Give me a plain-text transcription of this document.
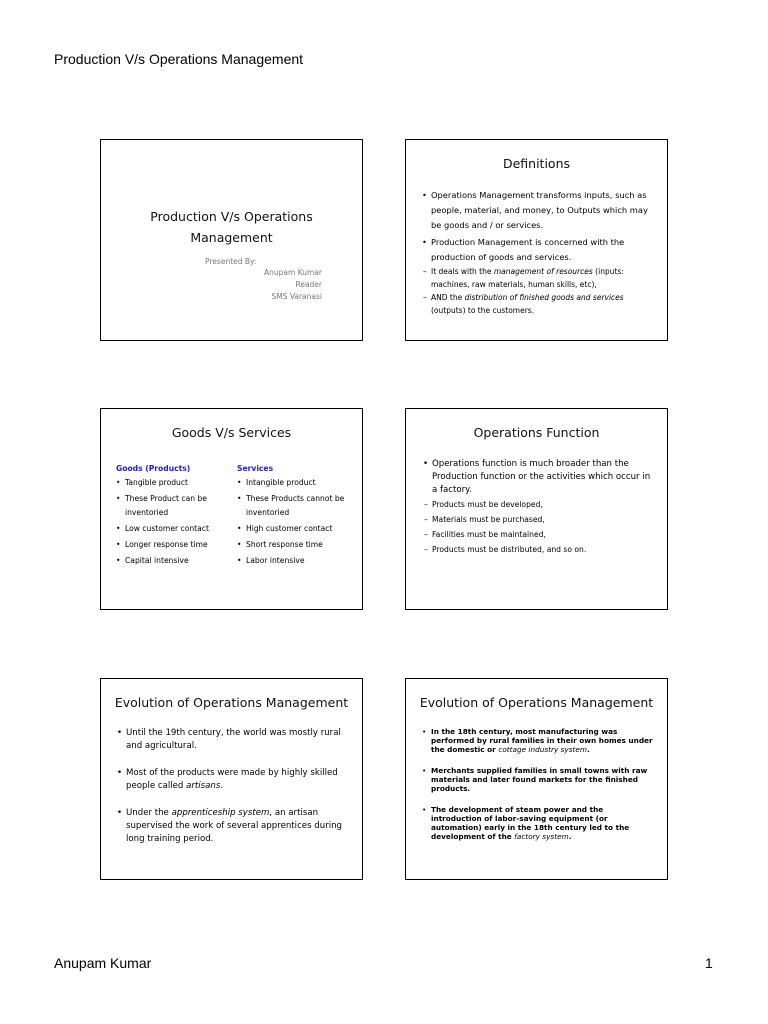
Production V/s Operations Management
Production V/s Operations
Management
Presented By:
Anupam Kumar
Reader
SMS Varanasi
Definitions
• Operations Management transforms inputs, such as people, material, and money, to Outputs which may be goods and / or services.
• Production Management is concerned with the production of goods and services.
– It deals with the management of resources (inputs: machines, raw materials, human skills, etc),
– AND the distribution of finished goods and services (outputs) to the customers.
Goods V/s Services
Goods (Products)
• Tangible product
• These Product can be inventoried
• Low customer contact
• Longer response time
• Capital intensive
Services
• Intangible product
• These Products cannot be inventoried
• High customer contact
• Short response time
• Labor intensive
Operations Function
• Operations function is much broader than the Production function or the activities which occur in a factory.
– Products must be developed,
– Materials must be purchased,
– Facilities must be maintained,
– Products must be distributed, and so on.
Evolution of Operations Management
• Until the 19th century, the world was mostly rural and agricultural.
• Most of the products were made by highly skilled people called artisans.
• Under the apprenticeship system, an artisan supervised the work of several apprentices during long training period.
Evolution of Operations Management
• In the 18th century, most manufacturing was performed by rural families in their own homes under the domestic or cottage industry system.
• Merchants supplied families in small towns with raw materials and later found markets for the finished products.
• The development of steam power and the introduction of labor-saving equipment (or automation) early in the 18th century led to the development of the factory system.
Anupam Kumar	1
